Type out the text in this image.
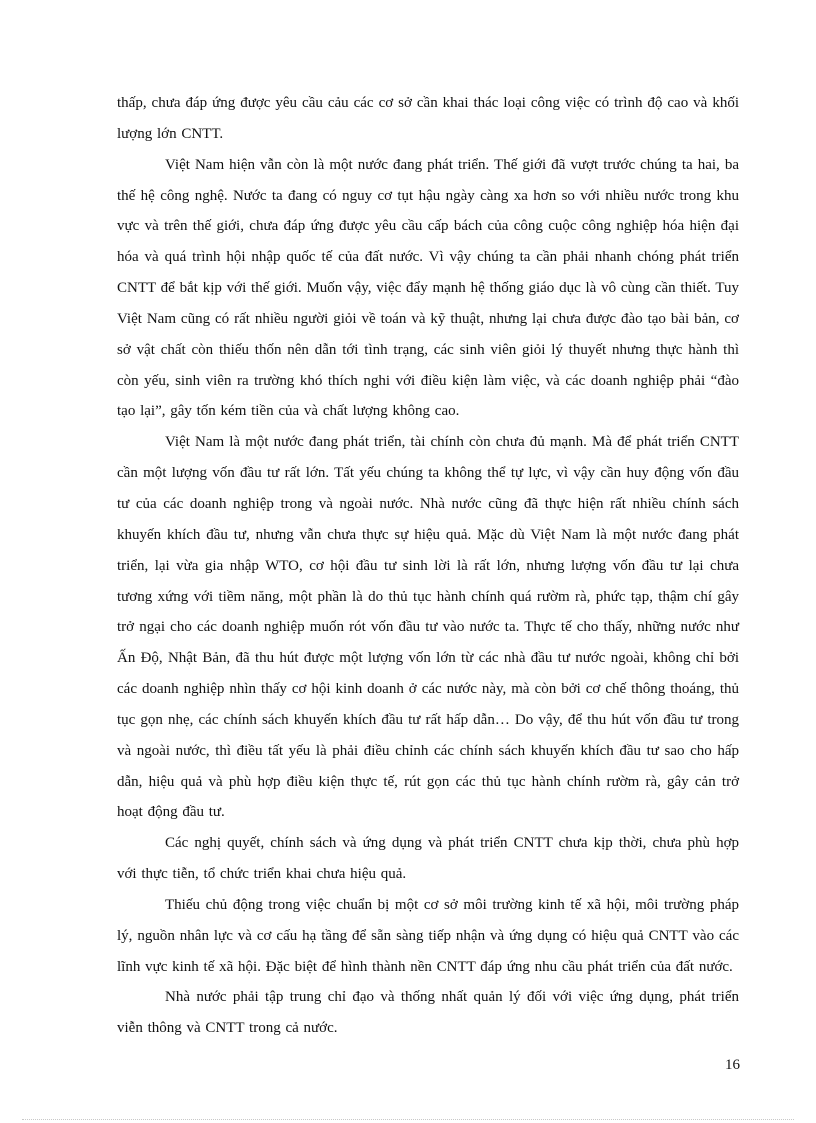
thấp, chưa đáp ứng được yêu cầu cảu các cơ sở cần khai thác loại công việc có trình độ cao và khối lượng lớn CNTT.

Việt Nam hiện vẫn còn là một nước đang phát triển. Thế giới đã vượt trước chúng ta hai, ba thế hệ công nghệ. Nước ta đang có nguy cơ tụt hậu ngày càng xa hơn so với nhiều nước trong khu vực và trên thế giới, chưa đáp ứng được yêu cầu cấp bách của công cuộc công nghiệp hóa hiện đại hóa và quá trình hội nhập quốc tế của đất nước. Vì vậy chúng ta cần phải nhanh chóng phát triển CNTT để bắt kịp với thế giới. Muốn vậy, việc đẩy mạnh hệ thống giáo dục là vô cùng cần thiết. Tuy Việt Nam cũng có rất nhiều người giỏi về toán và kỹ thuật, nhưng lại chưa được đào tạo bài bản, cơ sở vật chất còn thiếu thốn nên dẫn tới tình trạng, các sinh viên giỏi lý thuyết nhưng thực hành thì còn yếu, sinh viên ra trường khó thích nghi với điều kiện làm việc, và các doanh nghiệp phải “đào tạo lại”, gây tốn kém tiền của và chất lượng không cao.

Việt Nam là một nước đang phát triển, tài chính còn chưa đủ mạnh. Mà để phát triển CNTT cần một lượng vốn đầu tư rất lớn. Tất yếu chúng ta không thể tự lực, vì vậy cần huy động vốn đầu tư của các doanh nghiệp trong và ngoài nước. Nhà nước cũng đã thực hiện rất nhiều chính sách khuyến khích đầu tư, nhưng vẫn chưa thực sự hiệu quả. Mặc dù Việt Nam là một nước đang phát triển, lại vừa gia nhập WTO, cơ hội đầu tư sinh lời là rất lớn, nhưng lượng vốn đầu tư lại chưa tương xứng với tiềm năng, một phần là do thủ tục hành chính quá rườm rà, phức tạp, thậm chí gây trở ngại cho các doanh nghiệp muốn rót vốn đầu tư vào nước ta. Thực tế cho thấy, những nước như Ấn Độ, Nhật Bản, đã thu hút được một lượng vốn lớn từ các nhà đầu tư nước ngoài, không chỉ bởi các doanh nghiệp nhìn thấy cơ hội kinh doanh ở các nước này, mà còn bởi cơ chế thông thoáng, thủ tục gọn nhẹ, các chính sách khuyến khích đầu tư rất hấp dẫn… Do vậy, để thu hút vốn đầu tư trong và ngoài nước, thì điều tất yếu là phải điều chỉnh các chính sách khuyến khích đầu tư sao cho hấp dẫn, hiệu quả và phù hợp điều kiện thực tế, rút gọn các thủ tục hành chính rườm rà, gây cản trở hoạt động đầu tư.

Các nghị quyết, chính sách và ứng dụng và phát triển CNTT chưa kịp thời, chưa phù hợp với thực tiễn, tổ chức triển khai chưa hiệu quả.

Thiếu chủ động trong việc chuẩn bị một cơ sở môi trường kinh tế xã hội, môi trường pháp lý, nguồn nhân lực và cơ cấu hạ tầng để sẵn sàng tiếp nhận và ứng dụng có hiệu quả CNTT vào các lĩnh vực kinh tế xã hội. Đặc biệt để hình thành nền CNTT đáp ứng nhu cầu phát triển của đất nước.

Nhà nước phải tập trung chỉ đạo và thống nhất quản lý đối với việc ứng dụng, phát triển viễn thông và CNTT trong cả nước.

16
